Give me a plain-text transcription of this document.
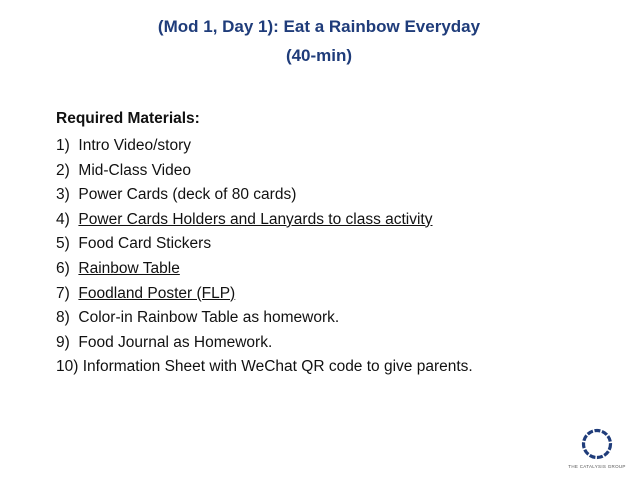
(Mod 1, Day 1): Eat a Rainbow Everyday
(40-min)
Required Materials:
1) Intro Video/story
2) Mid-Class Video
3) Power Cards (deck of 80 cards)
4) Power Cards Holders and Lanyards to class activity
5) Food Card Stickers
6) Rainbow Table
7) Foodland Poster (FLP)
8) Color-in Rainbow Table as homework.
9) Food Journal as Homework.
10) Information Sheet with WeChat QR code to give parents.
THE CATALYSIS GROUP
